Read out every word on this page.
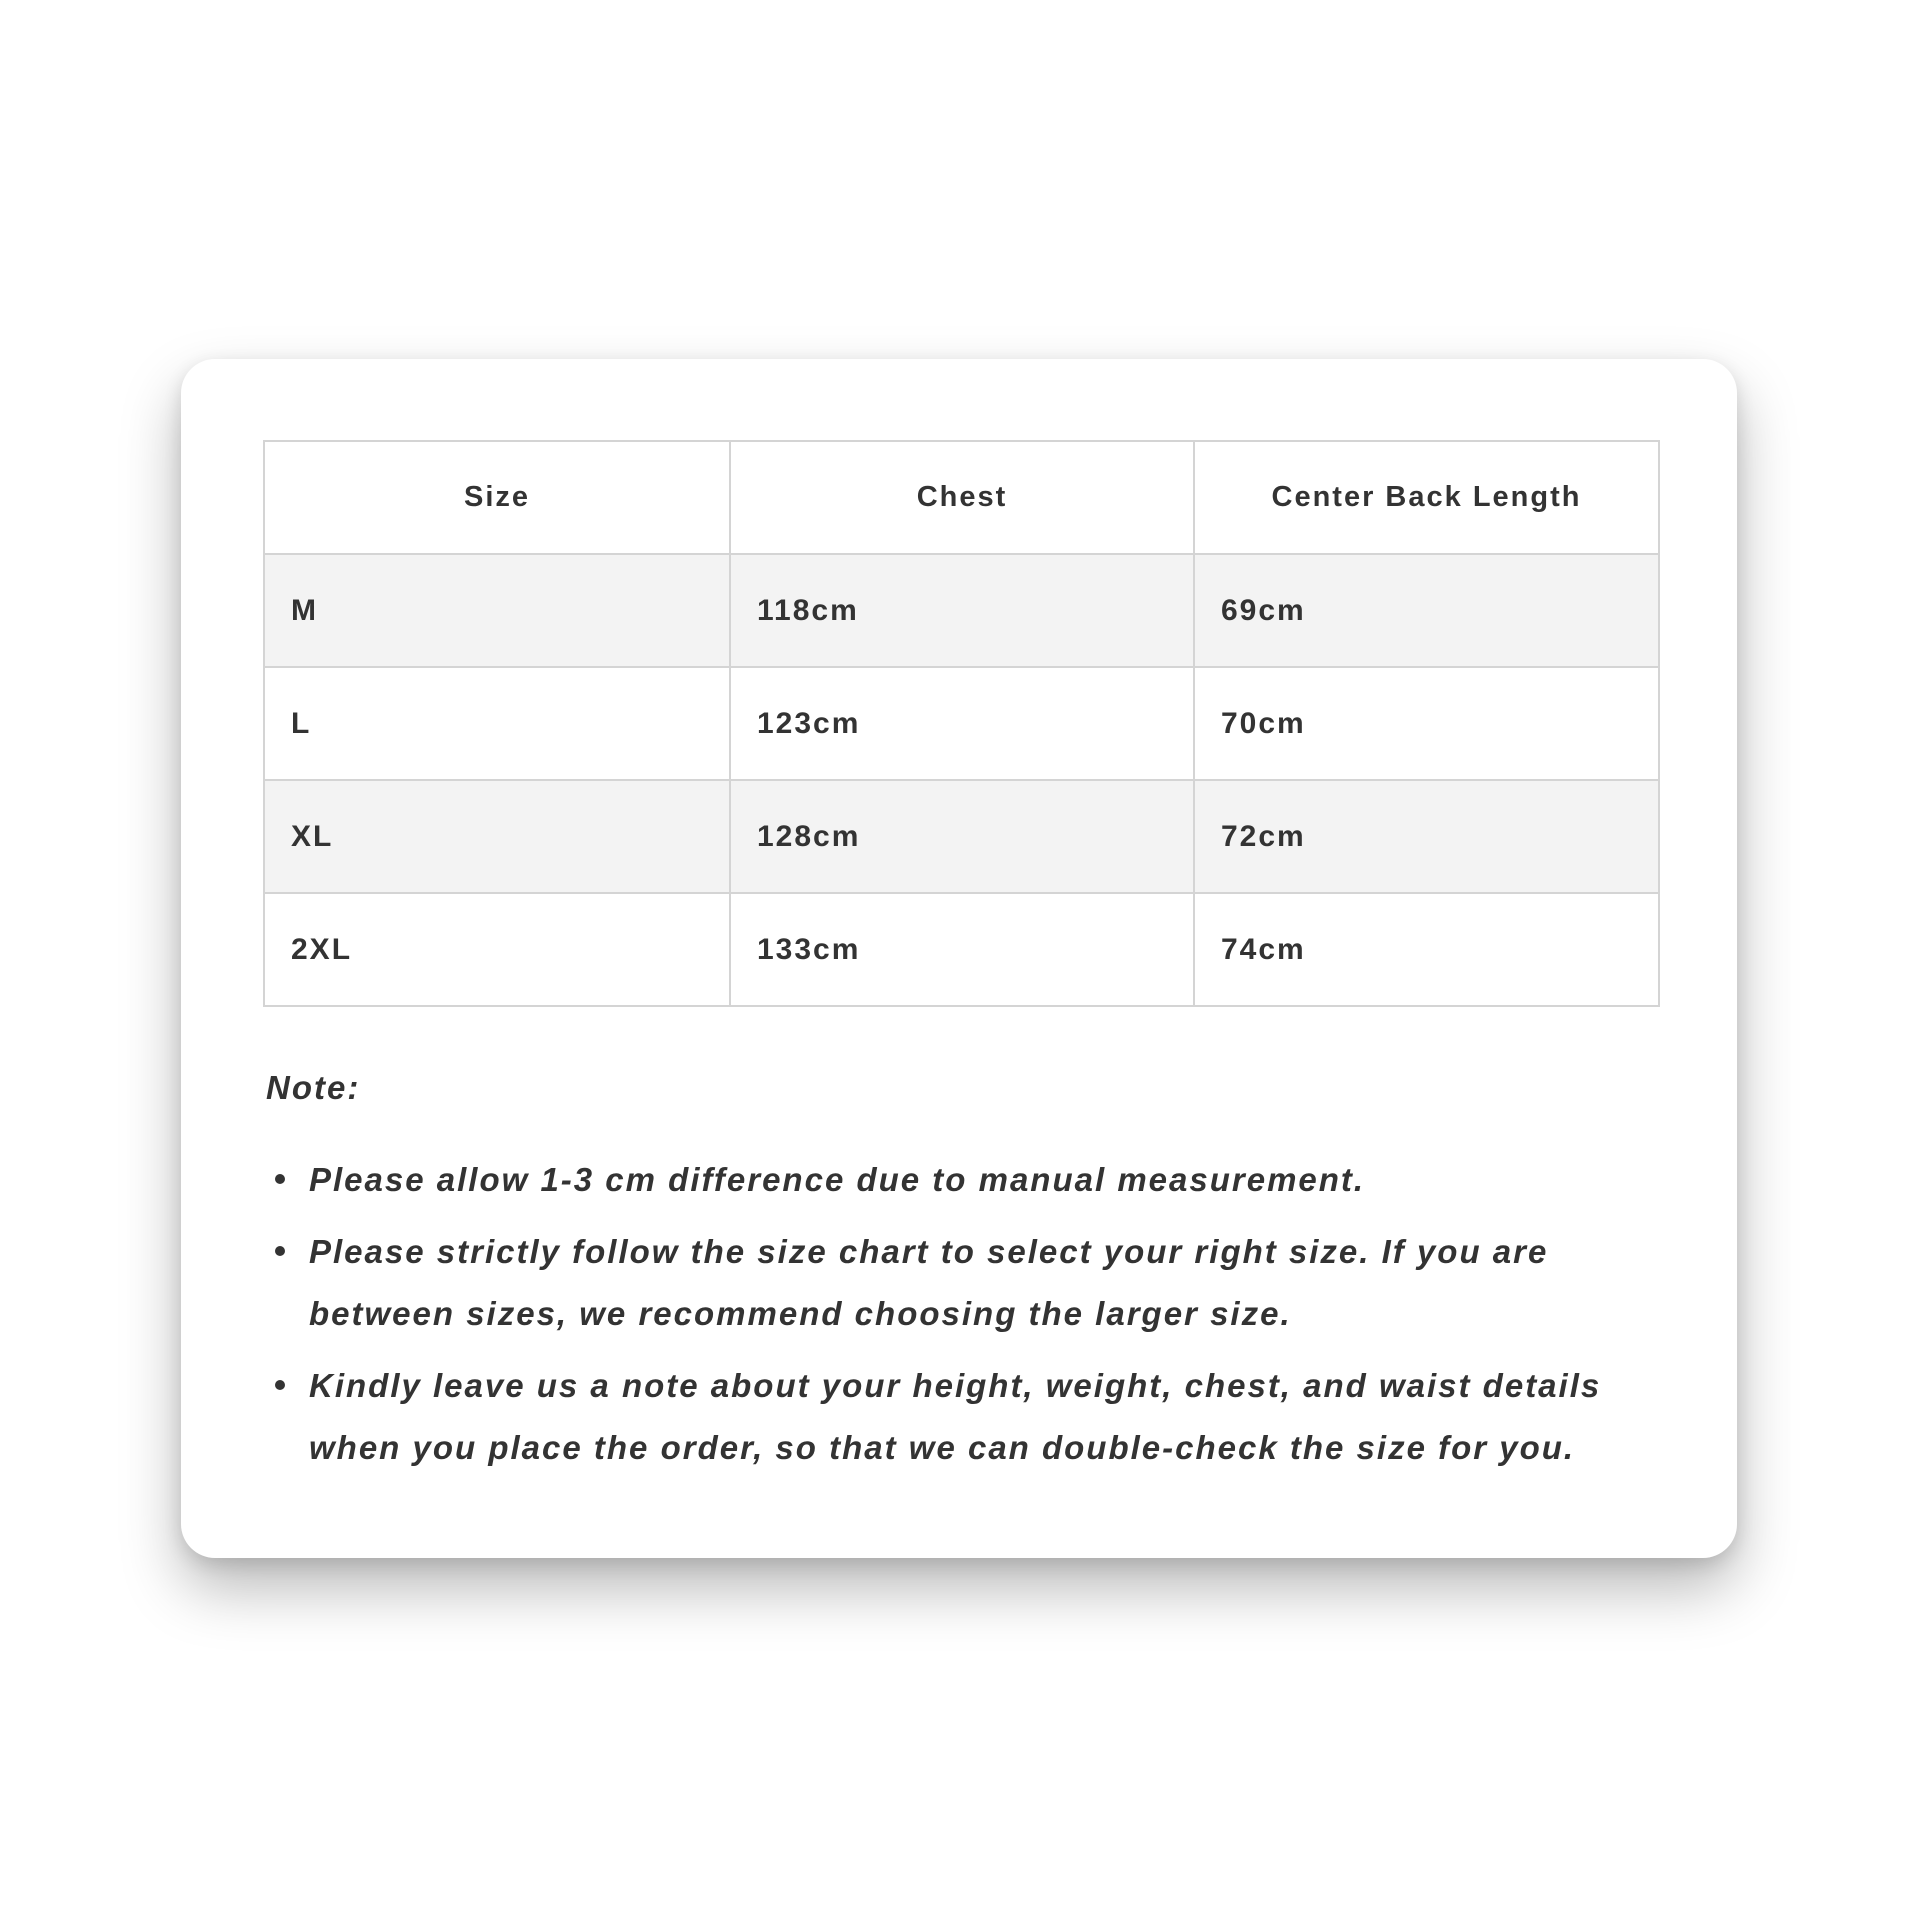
Size	Chest	Center Back Length
M	118cm	69cm
L	123cm	70cm
XL	128cm	72cm
2XL	133cm	74cm

Note:

Please allow 1-3 cm difference due to manual measurement.
Please strictly follow the size chart to select your right size. If you are between sizes, we recommend choosing the larger size.
Kindly leave us a note about your height, weight, chest, and waist details when you place the order, so that we can double-check the size for you.
